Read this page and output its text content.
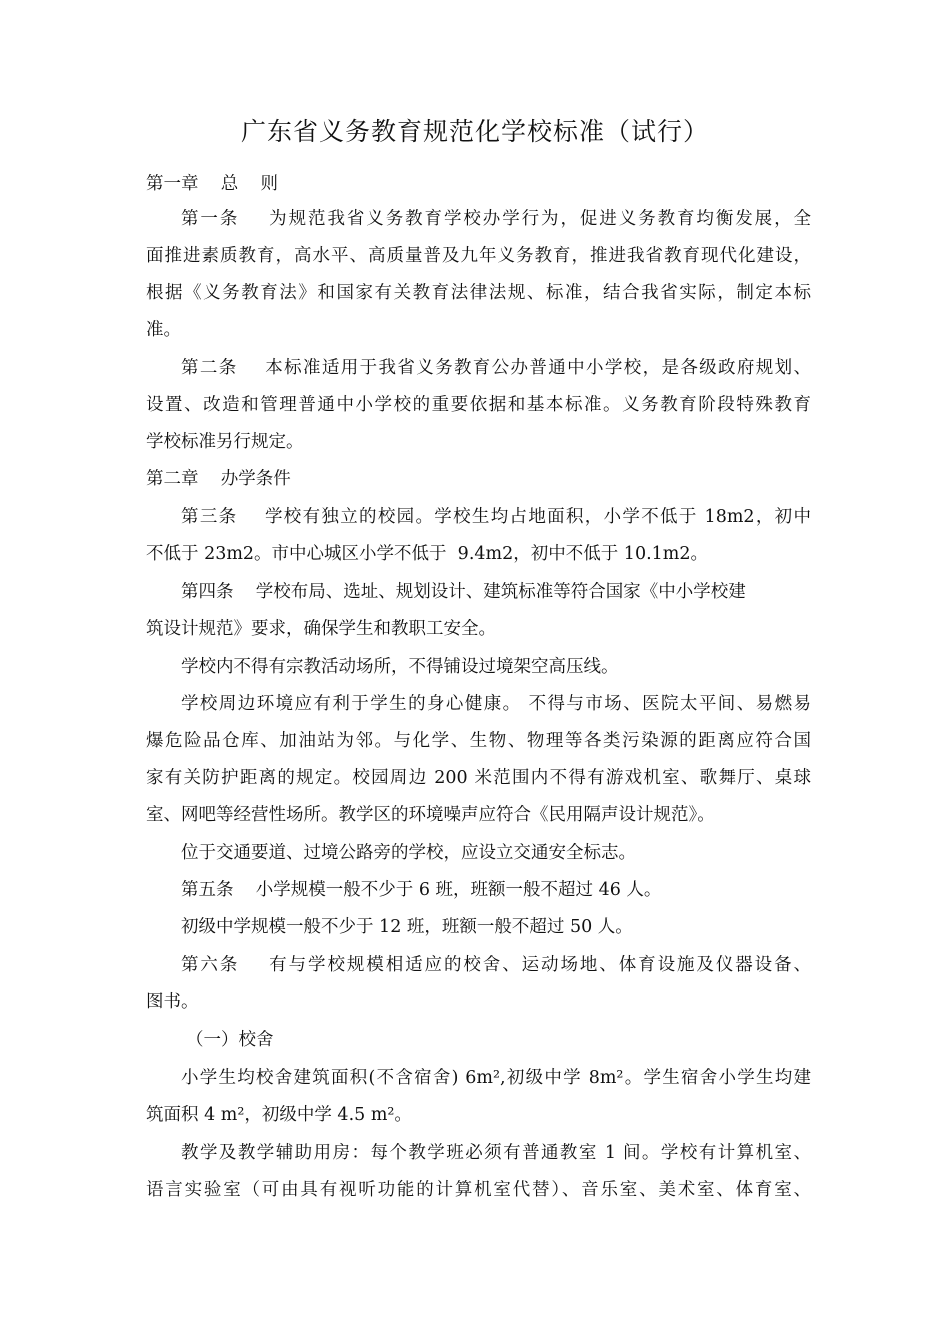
广东省义务教育规范化学校标准（试行）
第一章    总    则
第一条    为规范我省义务教育学校办学行为，促进义务教育均衡发展，全
面推进素质教育，高水平、高质量普及九年义务教育，推进我省教育现代化建设，
根据《义务教育法》和国家有关教育法律法规、标准，结合我省实际，制定本标
准。
第二条    本标准适用于我省义务教育公办普通中小学校，是各级政府规划、
设置、改造和管理普通中小学校的重要依据和基本标准。义务教育阶段特殊教育
学校标准另行规定。
第二章    办学条件
第三条    学校有独立的校园。学校生均占地面积，小学不低于 18m2，初中
不低于 23m2。市中心城区小学不低于  9.4m2，初中不低于 10.1m2。
第四条    学校布局、选址、规划设计、建筑标准等符合国家《中小学校建
筑设计规范》要求，确保学生和教职工安全。
学校内不得有宗教活动场所，不得铺设过境架空高压线。
学校周边环境应有利于学生的身心健康。 不得与市场、医院太平间、易燃易
爆危险品仓库、加油站为邻。与化学、生物、物理等各类污染源的距离应符合国
家有关防护距离的规定。校园周边 200 米范围内不得有游戏机室、歌舞厅、桌球
室、网吧等经营性场所。教学区的环境噪声应符合《民用隔声设计规范》。
位于交通要道、过境公路旁的学校，应设立交通安全标志。
第五条    小学规模一般不少于 6 班，班额一般不超过 46 人。
初级中学规模一般不少于 12 班，班额一般不超过 50 人。
第六条    有与学校规模相适应的校舍、运动场地、体育设施及仪器设备、
图书。
（一）校舍
小学生均校舍建筑面积(不含宿舍) 6m²,初级中学 8m²。学生宿舍小学生均建
筑面积 4 m²，初级中学 4.5 m²。
教学及教学辅助用房：每个教学班必须有普通教室 1 间。学校有计算机室、
语言实验室（可由具有视听功能的计算机室代替）、音乐室、美术室、体育室、
